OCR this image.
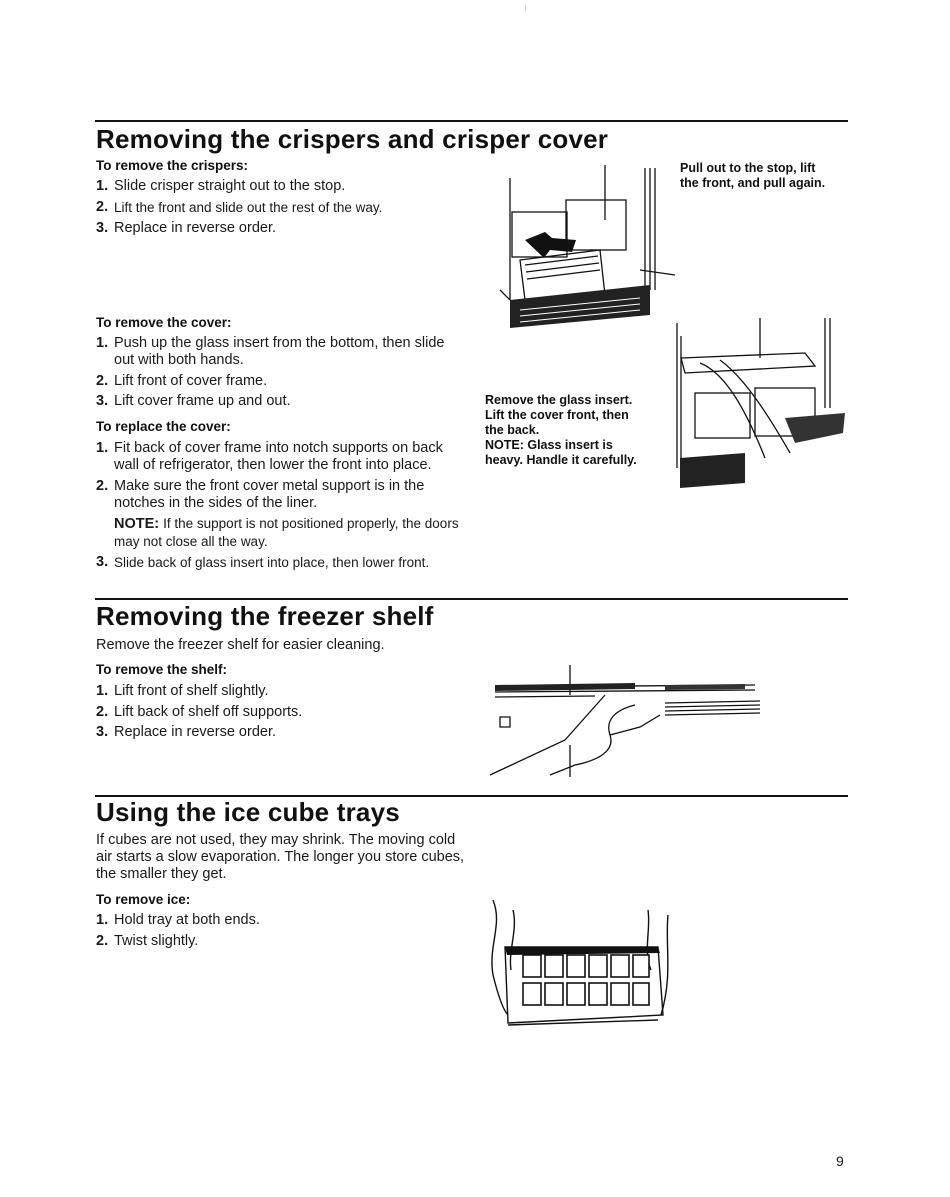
Removing the crispers and crisper cover

To remove the crispers:

1. Slide crisper straight out to the stop.
2. Lift the front and slide out the rest of the way.
3. Replace in reverse order.

To remove the cover:

1. Push up the glass insert from the bottom, then slide out with both hands.
2. Lift front of cover frame.
3. Lift cover frame up and out.

To replace the cover:

1. Fit back of cover frame into notch supports on back wall of refrigerator, then lower the front into place.
2. Make sure the front cover metal support is in the notches in the sides of the liner.
NOTE: If the support is not positioned properly, the doors may not close all the way.
3. Slide back of glass insert into place, then lower front.

Pull out to the stop, lift
the front, and pull again.

Remove the glass insert.
Lift the cover front, then
the back.
NOTE: Glass insert is
heavy. Handle it carefully.

Removing the freezer shelf

Remove the freezer shelf for easier cleaning.

To remove the shelf:

1. Lift front of shelf slightly.
2. Lift back of shelf off supports.
3. Replace in reverse order.
Using the ice cube trays

If cubes are not used, they may shrink. The moving cold air starts a slow evaporation. The longer you store cubes, the smaller they get.

To remove ice:

1. Hold tray at both ends.
2. Twist slightly.

9
